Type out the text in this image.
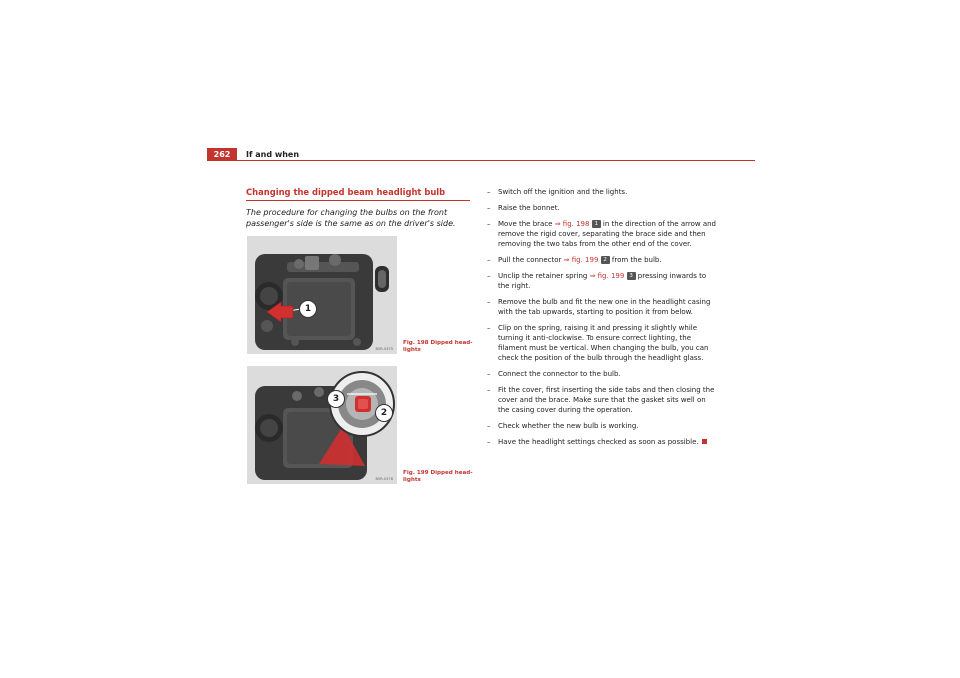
262	If and when
Changing the dipped beam headlight bulb
The procedure for changing the bulbs on the front passenger's side is the same as on the driver's side.
1
B5R-0375
Fig. 198 Dipped head-lights
3
2
B5R-0376
Fig. 199 Dipped head-lights
– Switch off the ignition and the lights.
– Raise the bonnet.
– Move the brace ⇒ fig. 198 1 in the direction of the arrow and remove the rigid cover, separating the brace side and then removing the two tabs from the other end of the cover.
– Pull the connector ⇒ fig. 199 2 from the bulb.
– Unclip the retainer spring ⇒ fig. 199 3 pressing inwards to the right.
– Remove the bulb and fit the new one in the headlight casing with the tab upwards, starting to position it from below.
– Clip on the spring, raising it and pressing it slightly while turning it anti-clockwise. To ensure correct lighting, the filament must be vertical. When changing the bulb, you can check the position of the bulb through the headlight glass.
– Connect the connector to the bulb.
– Fit the cover, first inserting the side tabs and then closing the cover and the brace. Make sure that the gasket sits well on the casing cover during the operation.
– Check whether the new bulb is working.
– Have the headlight settings checked as soon as possible.
